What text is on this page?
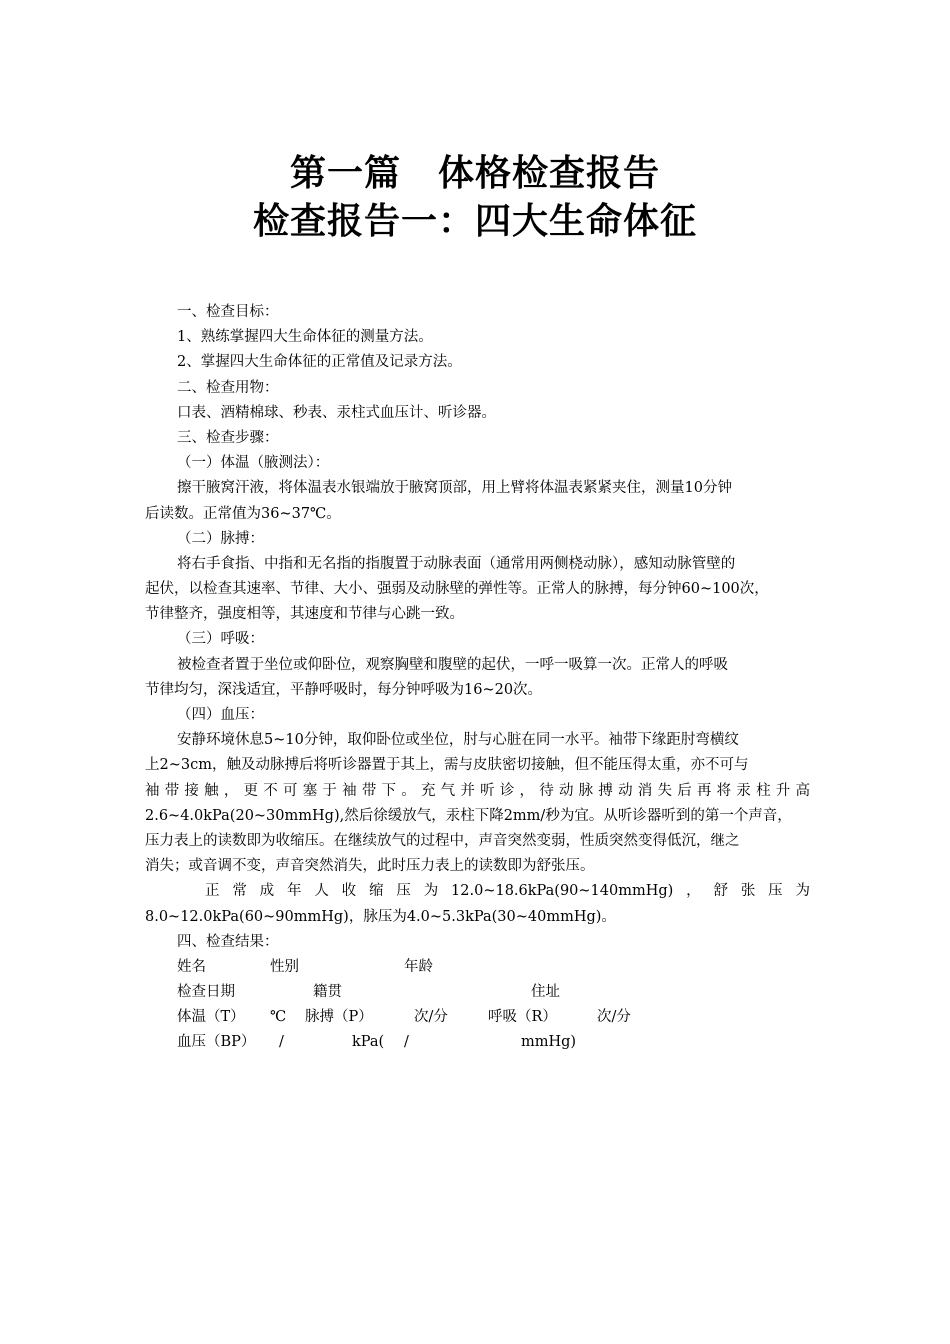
第一篇　体格检查报告
检查报告一：四大生命体征
一、检查目标：
1、熟练掌握四大生命体征的测量方法。
2、掌握四大生命体征的正常值及记录方法。
二、检查用物：
口表、酒精棉球、秒表、汞柱式血压计、听诊器。
三、检查步骤：
（一）体温（腋测法）：
擦干腋窝汗液，将体温表水银端放于腋窝顶部，用上臂将体温表紧紧夹住，测量10分钟
后读数。正常值为36~37℃。
（二）脉搏：
将右手食指、中指和无名指的指腹置于动脉表面（通常用两侧桡动脉），感知动脉管壁的
起伏，以检查其速率、节律、大小、强弱及动脉壁的弹性等。正常人的脉搏，每分钟60~100次，
节律整齐，强度相等，其速度和节律与心跳一致。
（三）呼吸：
被检查者置于坐位或仰卧位，观察胸壁和腹壁的起伏，一呼一吸算一次。正常人的呼吸
节律均匀，深浅适宜，平静呼吸时，每分钟呼吸为16~20次。
（四）血压：
安静环境休息5~10分钟，取仰卧位或坐位，肘与心脏在同一水平。袖带下缘距肘弯横纹
上2~3cm，触及动脉搏后将听诊器置于其上，需与皮肤密切接触，但不能压得太重，亦不可与
袖带接触，更不可塞于袖带下。充气并听诊，待动脉搏动消失后再将汞柱升高
2.6~4.0kPa(20~30mmHg),然后徐缓放气，汞柱下降2mm/秒为宜。从听诊器听到的第一个声音，
压力表上的读数即为收缩压。在继续放气的过程中，声音突然变弱，性质突然变得低沉，继之
消失；或音调不变，声音突然消失，此时压力表上的读数即为舒张压。
正常成年人收缩压为12.0~18.6kPa(90~140mmHg)，舒张压为
8.0~12.0kPa(60~90mmHg)，脉压为4.0~5.3kPa(30~40mmHg)。
四、检查结果：
姓名	性别	年龄
检查日期	籍贯	住址
体温（T） ℃ 脉搏（P）	次/分	呼吸（R）	次/分
血压（BP） /	kPa( /	mmHg)
